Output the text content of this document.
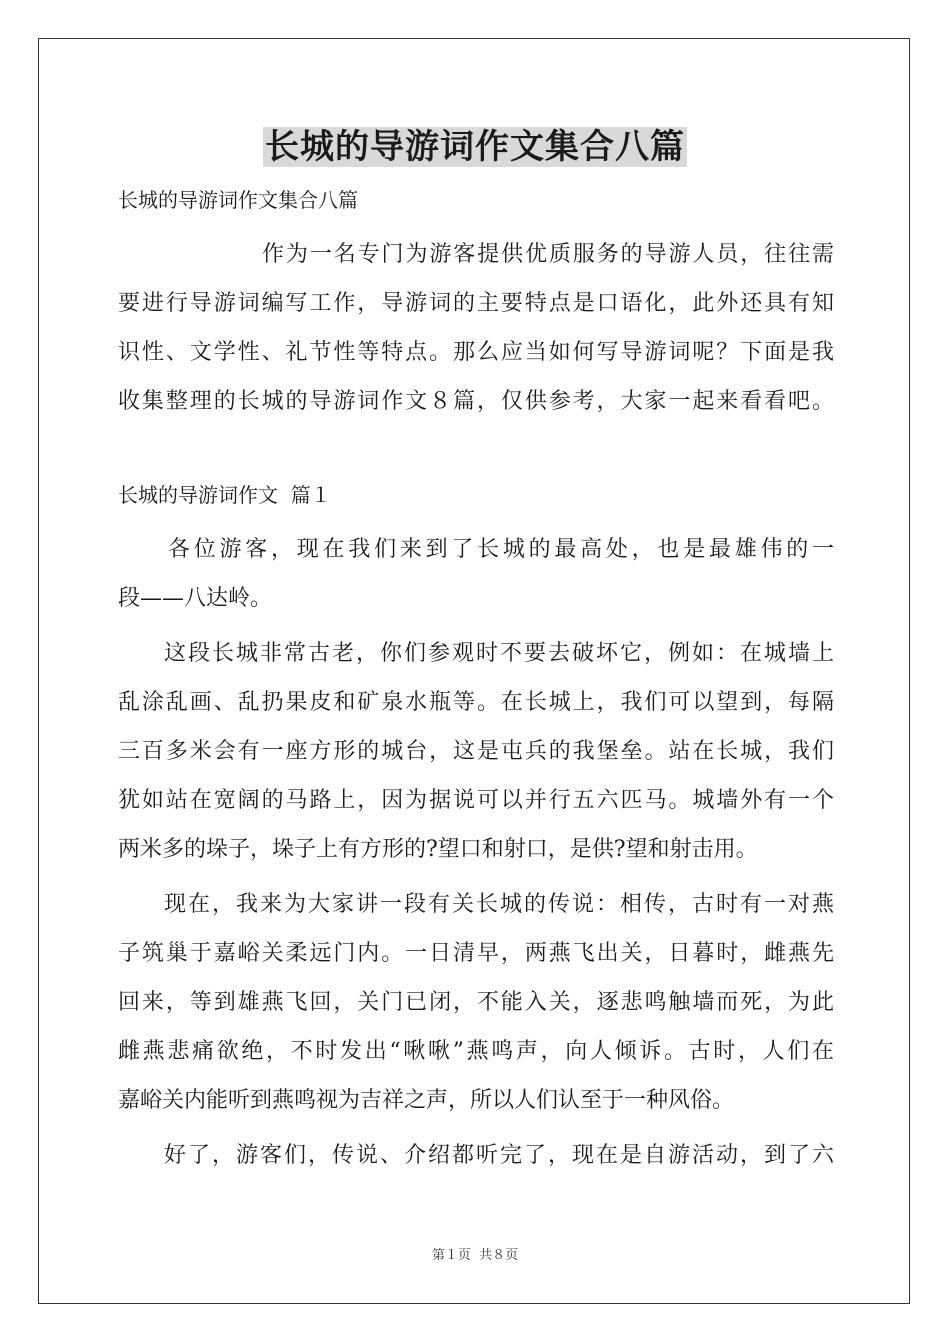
长城的导游词作文集合八篇
长城的导游词作文集合八篇
作为一名专门为游客提供优质服务的导游人员，往往需
要进行导游词编写工作，导游词的主要特点是口语化，此外还具有知
识性、文学性、礼节性等特点。那么应当如何写导游词呢？下面是我
收集整理的长城的导游词作文８篇，仅供参考，大家一起来看看吧。
长城的导游词作文  篇１
各位游客，现在我们来到了长城的最高处，也是最雄伟的一
段——八达岭。
这段长城非常古老，你们参观时不要去破坏它，例如：在城墙上
乱涂乱画、乱扔果皮和矿泉水瓶等。在长城上，我们可以望到，每隔
三百多米会有一座方形的城台，这是屯兵的我堡垒。站在长城，我们
犹如站在宽阔的马路上，因为据说可以并行五六匹马。城墙外有一个
两米多的垛子，垛子上有方形的?望口和射口，是供?望和射击用。
现在，我来为大家讲一段有关长城的传说：相传，古时有一对燕
子筑巢于嘉峪关柔远门内。一日清早，两燕飞出关，日暮时，雌燕先
回来，等到雄燕飞回，关门已闭，不能入关，逐悲鸣触墙而死，为此
雌燕悲痛欲绝，不时发出“啾啾”燕鸣声，向人倾诉。古时，人们在
嘉峪关内能听到燕鸣视为吉祥之声，所以人们认至于一种风俗。
好了，游客们，传说、介绍都听完了，现在是自游活动，到了六
第１页  共８页
